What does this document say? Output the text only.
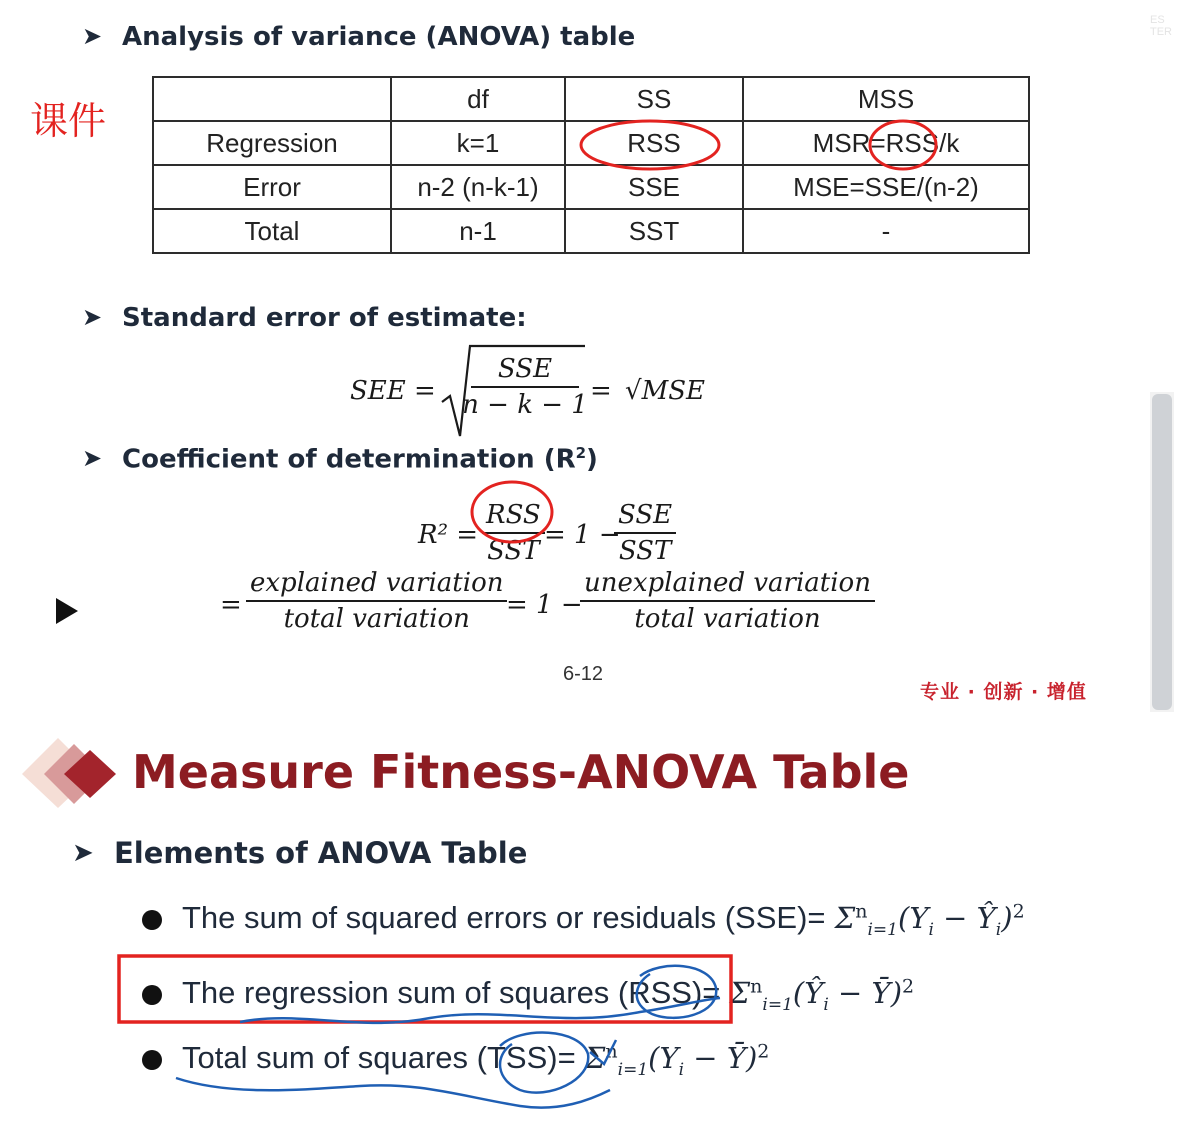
➤ Analysis of variance (ANOVA) table
课件
	df	SS	MSS
Regression	k=1	RSS	MSR=RSS/k
Error	n-2 (n-k-1)	SSE	MSE=SSE/(n-2)
Total	n-1	SST	-
➤ Standard error of estimate:
SEE = $\frac{\text{SSE}}{n - k - 1} = √MSE$
➤ Coefficient of determination $(R^2)$
$R^2 = \frac{\text{RSS}}{\text{SST}} = 1$ −
$\frac{\text{SSE}}{\text{SST}}$
= $\frac{\text{explained variation}}{\text{total variation}}$
= 1 −
$\frac{\text{unexplained variation}}{\text{total variation}}$
6-12
专业 · 创新 · 增值
ES
TER
Measure Fitness-ANOVA Table
➤ Elements of ANOVA Table
The sum of squared errors or residuals $(SSE)= \Sigma^n_{i=1}(Y_i$ − $Ŷ_i)^2$
The regression sum of squares $(RSS)= \Sigma^n_{i=1}(Ŷ_i$ − Ȳ)$^2$
Total sum of squares $(TSS)= \Sigma^n_{i=1}(Y_i$ − Ȳ)$^2$
